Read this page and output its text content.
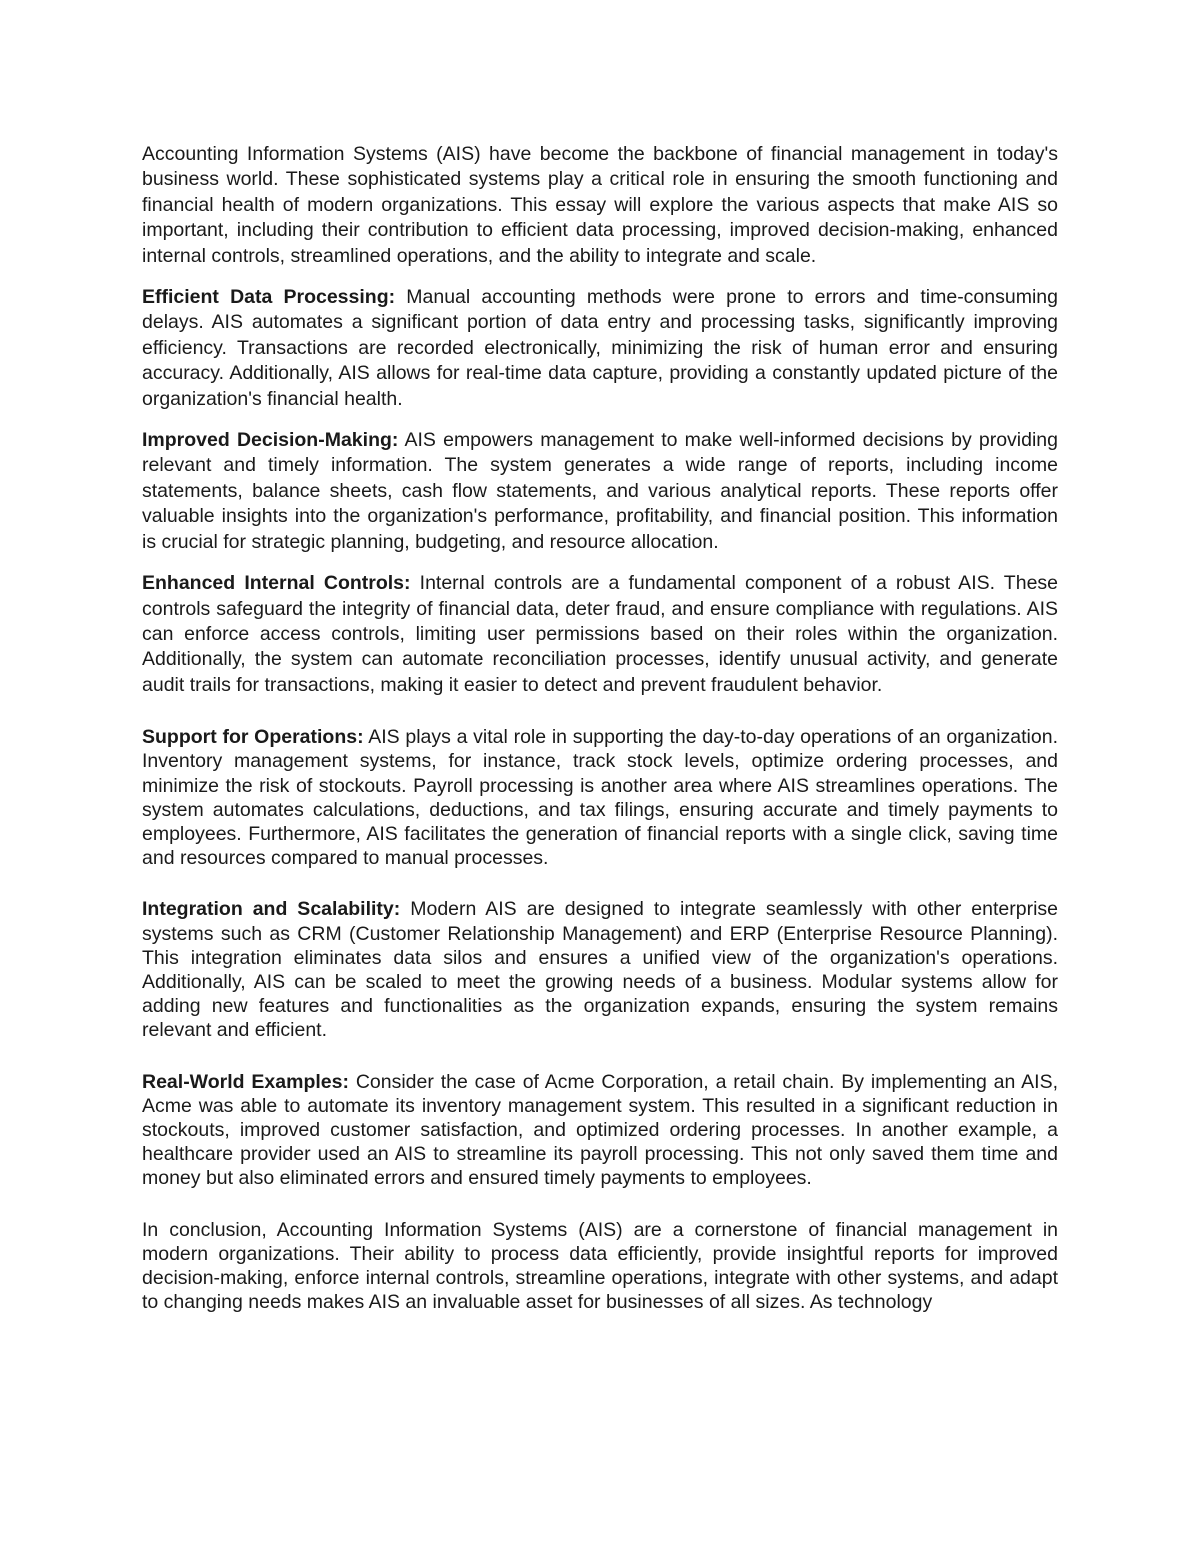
Accounting Information Systems (AIS) have become the backbone of financial management in today's business world. These sophisticated systems play a critical role in ensuring the smooth functioning and financial health of modern organizations. This essay will explore the various aspects that make AIS so important, including their contribution to efficient data processing, improved decision-making, enhanced internal controls, streamlined operations, and the ability to integrate and scale.

Efficient Data Processing: Manual accounting methods were prone to errors and time-consuming delays. AIS automates a significant portion of data entry and processing tasks, significantly improving efficiency. Transactions are recorded electronically, minimizing the risk of human error and ensuring accuracy. Additionally, AIS allows for real-time data capture, providing a constantly updated picture of the organization's financial health.

Improved Decision-Making: AIS empowers management to make well-informed decisions by providing relevant and timely information. The system generates a wide range of reports, including income statements, balance sheets, cash flow statements, and various analytical reports. These reports offer valuable insights into the organization's performance, profitability, and financial position. This information is crucial for strategic planning, budgeting, and resource allocation.

Enhanced Internal Controls: Internal controls are a fundamental component of a robust AIS. These controls safeguard the integrity of financial data, deter fraud, and ensure compliance with regulations. AIS can enforce access controls, limiting user permissions based on their roles within the organization. Additionally, the system can automate reconciliation processes, identify unusual activity, and generate audit trails for transactions, making it easier to detect and prevent fraudulent behavior.

Support for Operations: AIS plays a vital role in supporting the day-to-day operations of an organization. Inventory management systems, for instance, track stock levels, optimize ordering processes, and minimize the risk of stockouts. Payroll processing is another area where AIS streamlines operations. The system automates calculations, deductions, and tax filings, ensuring accurate and timely payments to employees. Furthermore, AIS facilitates the generation of financial reports with a single click, saving time and resources compared to manual processes.

Integration and Scalability: Modern AIS are designed to integrate seamlessly with other enterprise systems such as CRM (Customer Relationship Management) and ERP (Enterprise Resource Planning). This integration eliminates data silos and ensures a unified view of the organization's operations. Additionally, AIS can be scaled to meet the growing needs of a business. Modular systems allow for adding new features and functionalities as the organization expands, ensuring the system remains relevant and efficient.

Real-World Examples: Consider the case of Acme Corporation, a retail chain. By implementing an AIS, Acme was able to automate its inventory management system. This resulted in a significant reduction in stockouts, improved customer satisfaction, and optimized ordering processes. In another example, a healthcare provider used an AIS to streamline its payroll processing. This not only saved them time and money but also eliminated errors and ensured timely payments to employees.

In conclusion, Accounting Information Systems (AIS) are a cornerstone of financial management in modern organizations. Their ability to process data efficiently, provide insightful reports for improved decision-making, enforce internal controls, streamline operations, integrate with other systems, and adapt to changing needs makes AIS an invaluable asset for businesses of all sizes. As technology
